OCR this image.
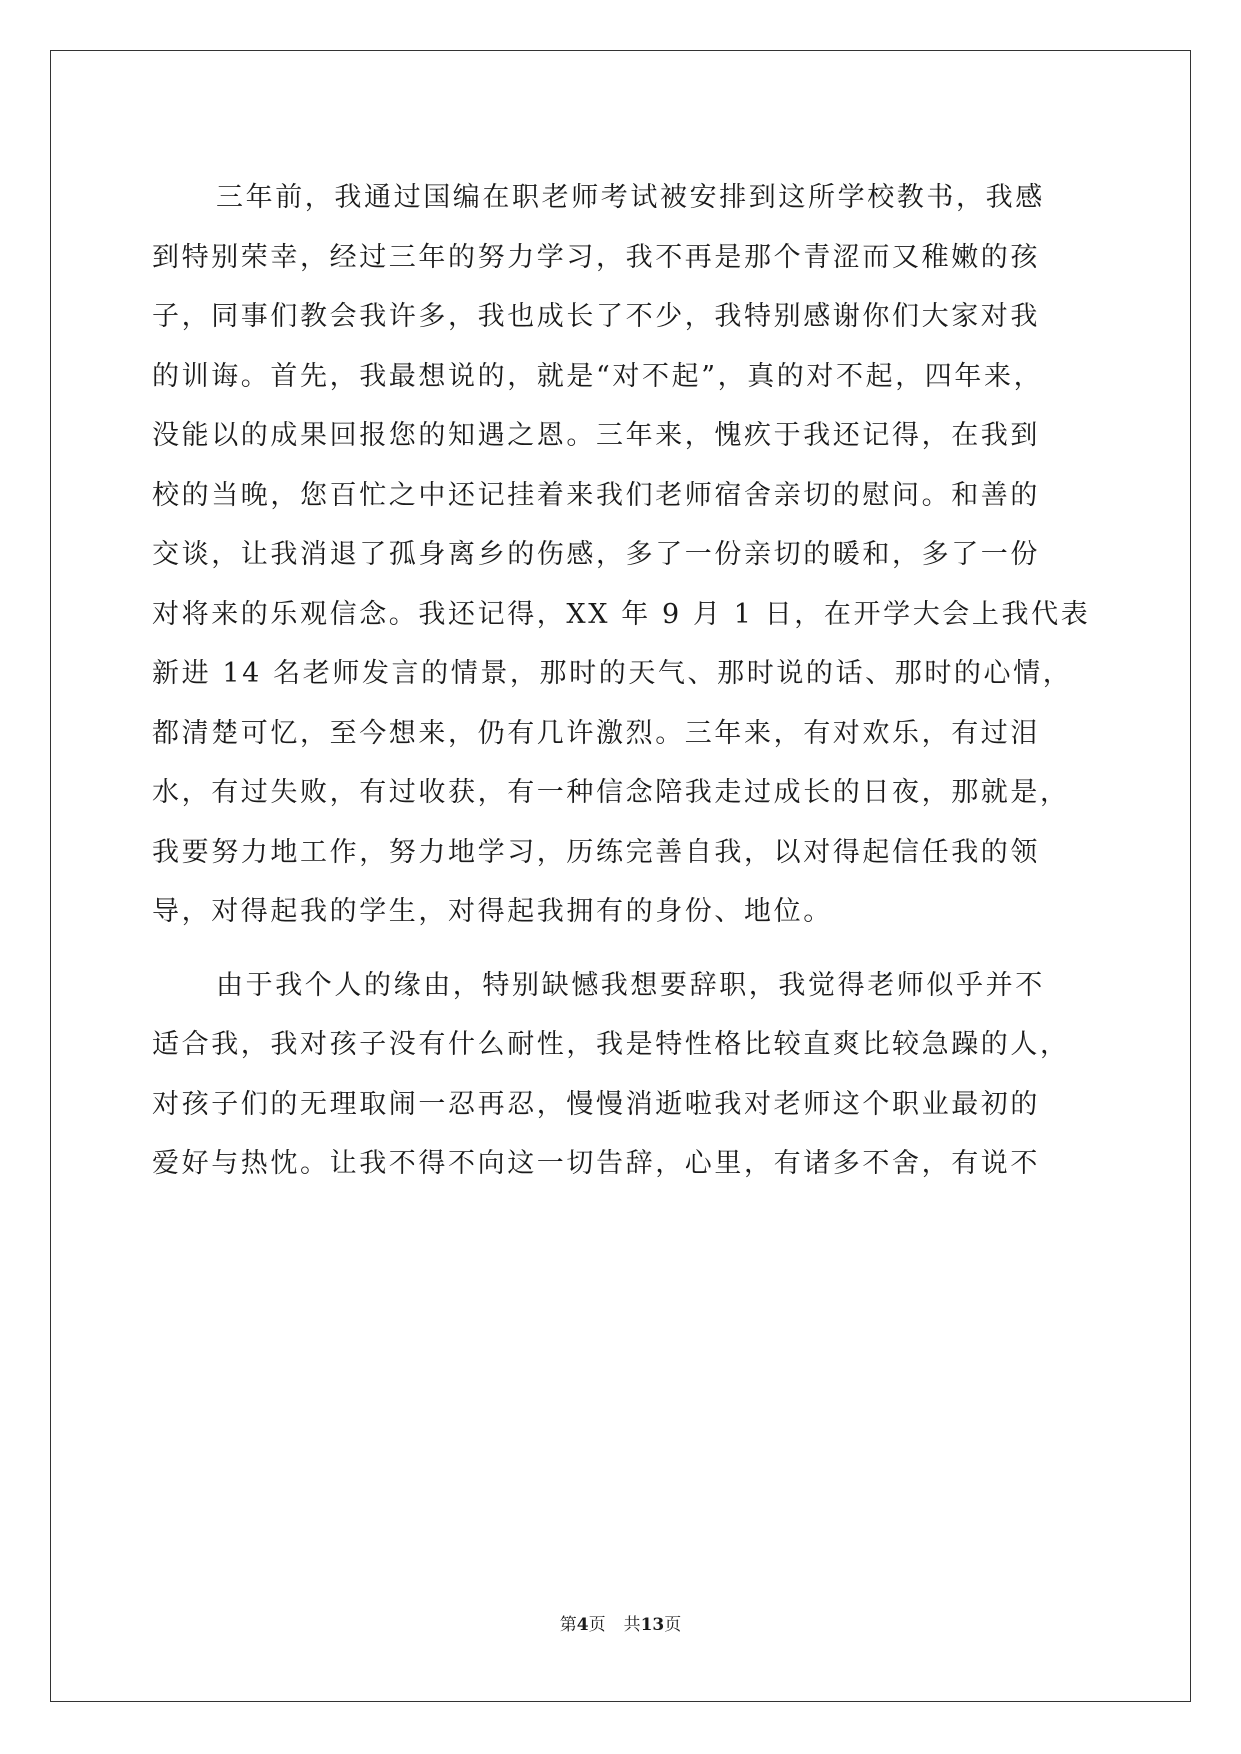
三年前，我通过国编在职老师考试被安排到这所学校教书，我感
到特别荣幸，经过三年的努力学习，我不再是那个青涩而又稚嫩的孩
子，同事们教会我许多，我也成长了不少，我特别感谢你们大家对我
的训诲。首先，我最想说的，就是“对不起”，真的对不起，四年来，
没能以的成果回报您的知遇之恩。三年来，愧疚于我还记得，在我到
校的当晚，您百忙之中还记挂着来我们老师宿舍亲切的慰问。和善的
交谈，让我消退了孤身离乡的伤感，多了一份亲切的暖和，多了一份
对将来的乐观信念。我还记得，XX 年 9 月 1 日，在开学大会上我代表
新进 14 名老师发言的情景，那时的天气、那时说的话、那时的心情，
都清楚可忆，至今想来，仍有几许激烈。三年来，有对欢乐，有过泪
水，有过失败，有过收获，有一种信念陪我走过成长的日夜，那就是，
我要努力地工作，努力地学习，历练完善自我，以对得起信任我的领
导，对得起我的学生，对得起我拥有的身份、地位。
由于我个人的缘由，特别缺憾我想要辞职，我觉得老师似乎并不
适合我，我对孩子没有什么耐性，我是特性格比较直爽比较急躁的人，
对孩子们的无理取闹一忍再忍，慢慢消逝啦我对老师这个职业最初的
爱好与热忱。让我不得不向这一切告辞，心里，有诸多不舍，有说不
第4页 共13页
